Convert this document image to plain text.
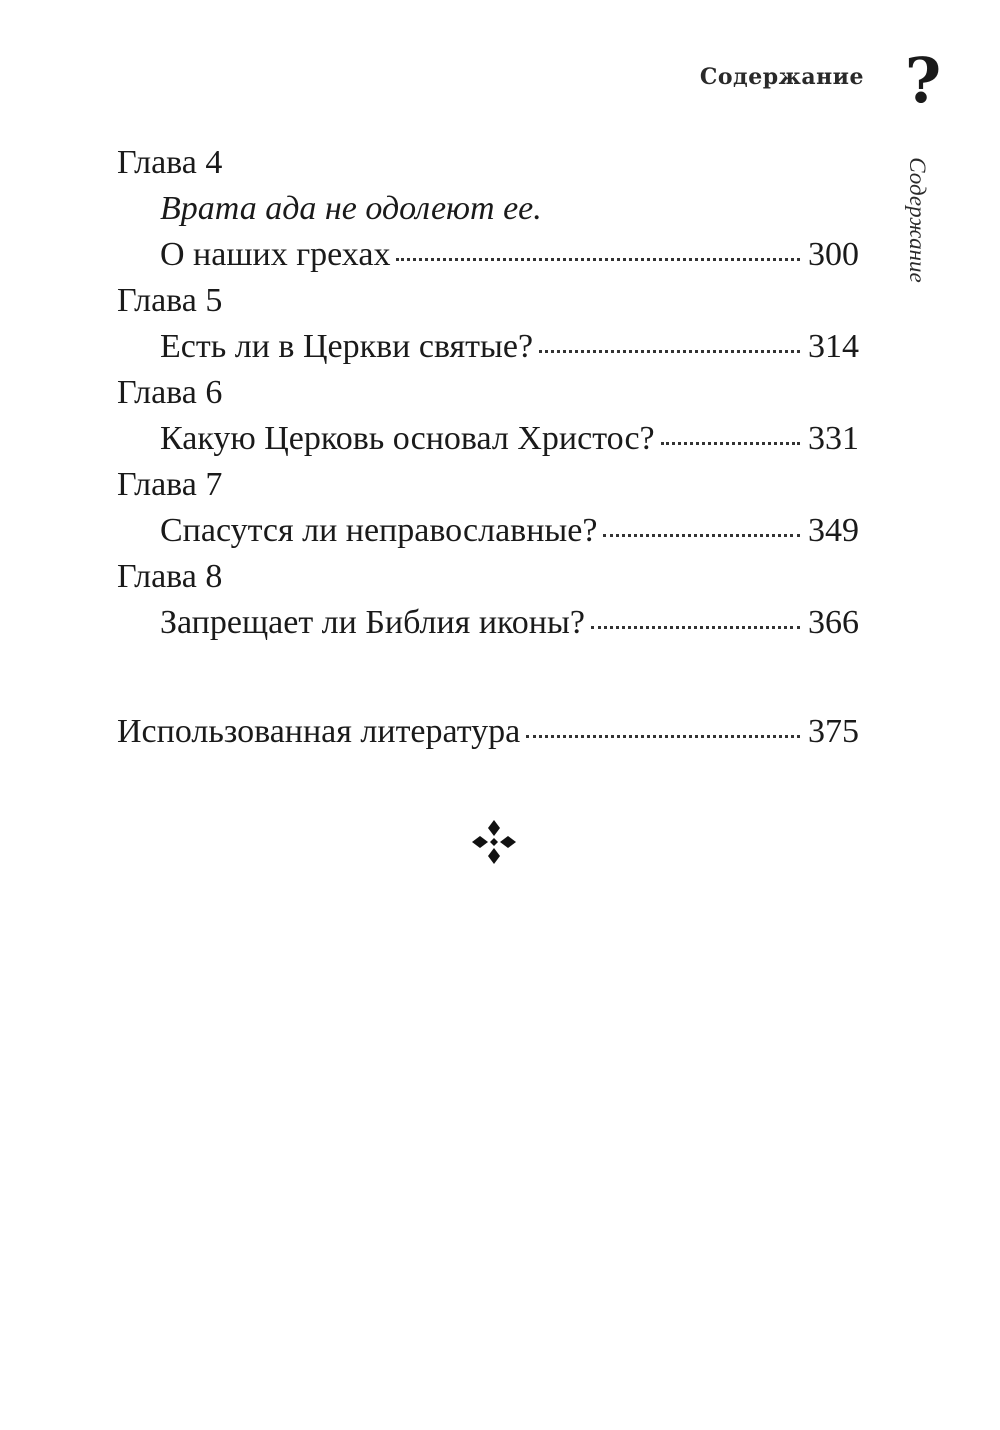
Содержание ?
Содержание
Глава 4
Врата ада не одолеют ее.
О наших грехах	300
Глава 5
Есть ли в Церкви святые?	314
Глава 6
Какую Церковь основал Христос?	331
Глава 7
Спасутся ли неправославные?	349
Глава 8
Запрещает ли Библия иконы?	366
Использованная литература	375
